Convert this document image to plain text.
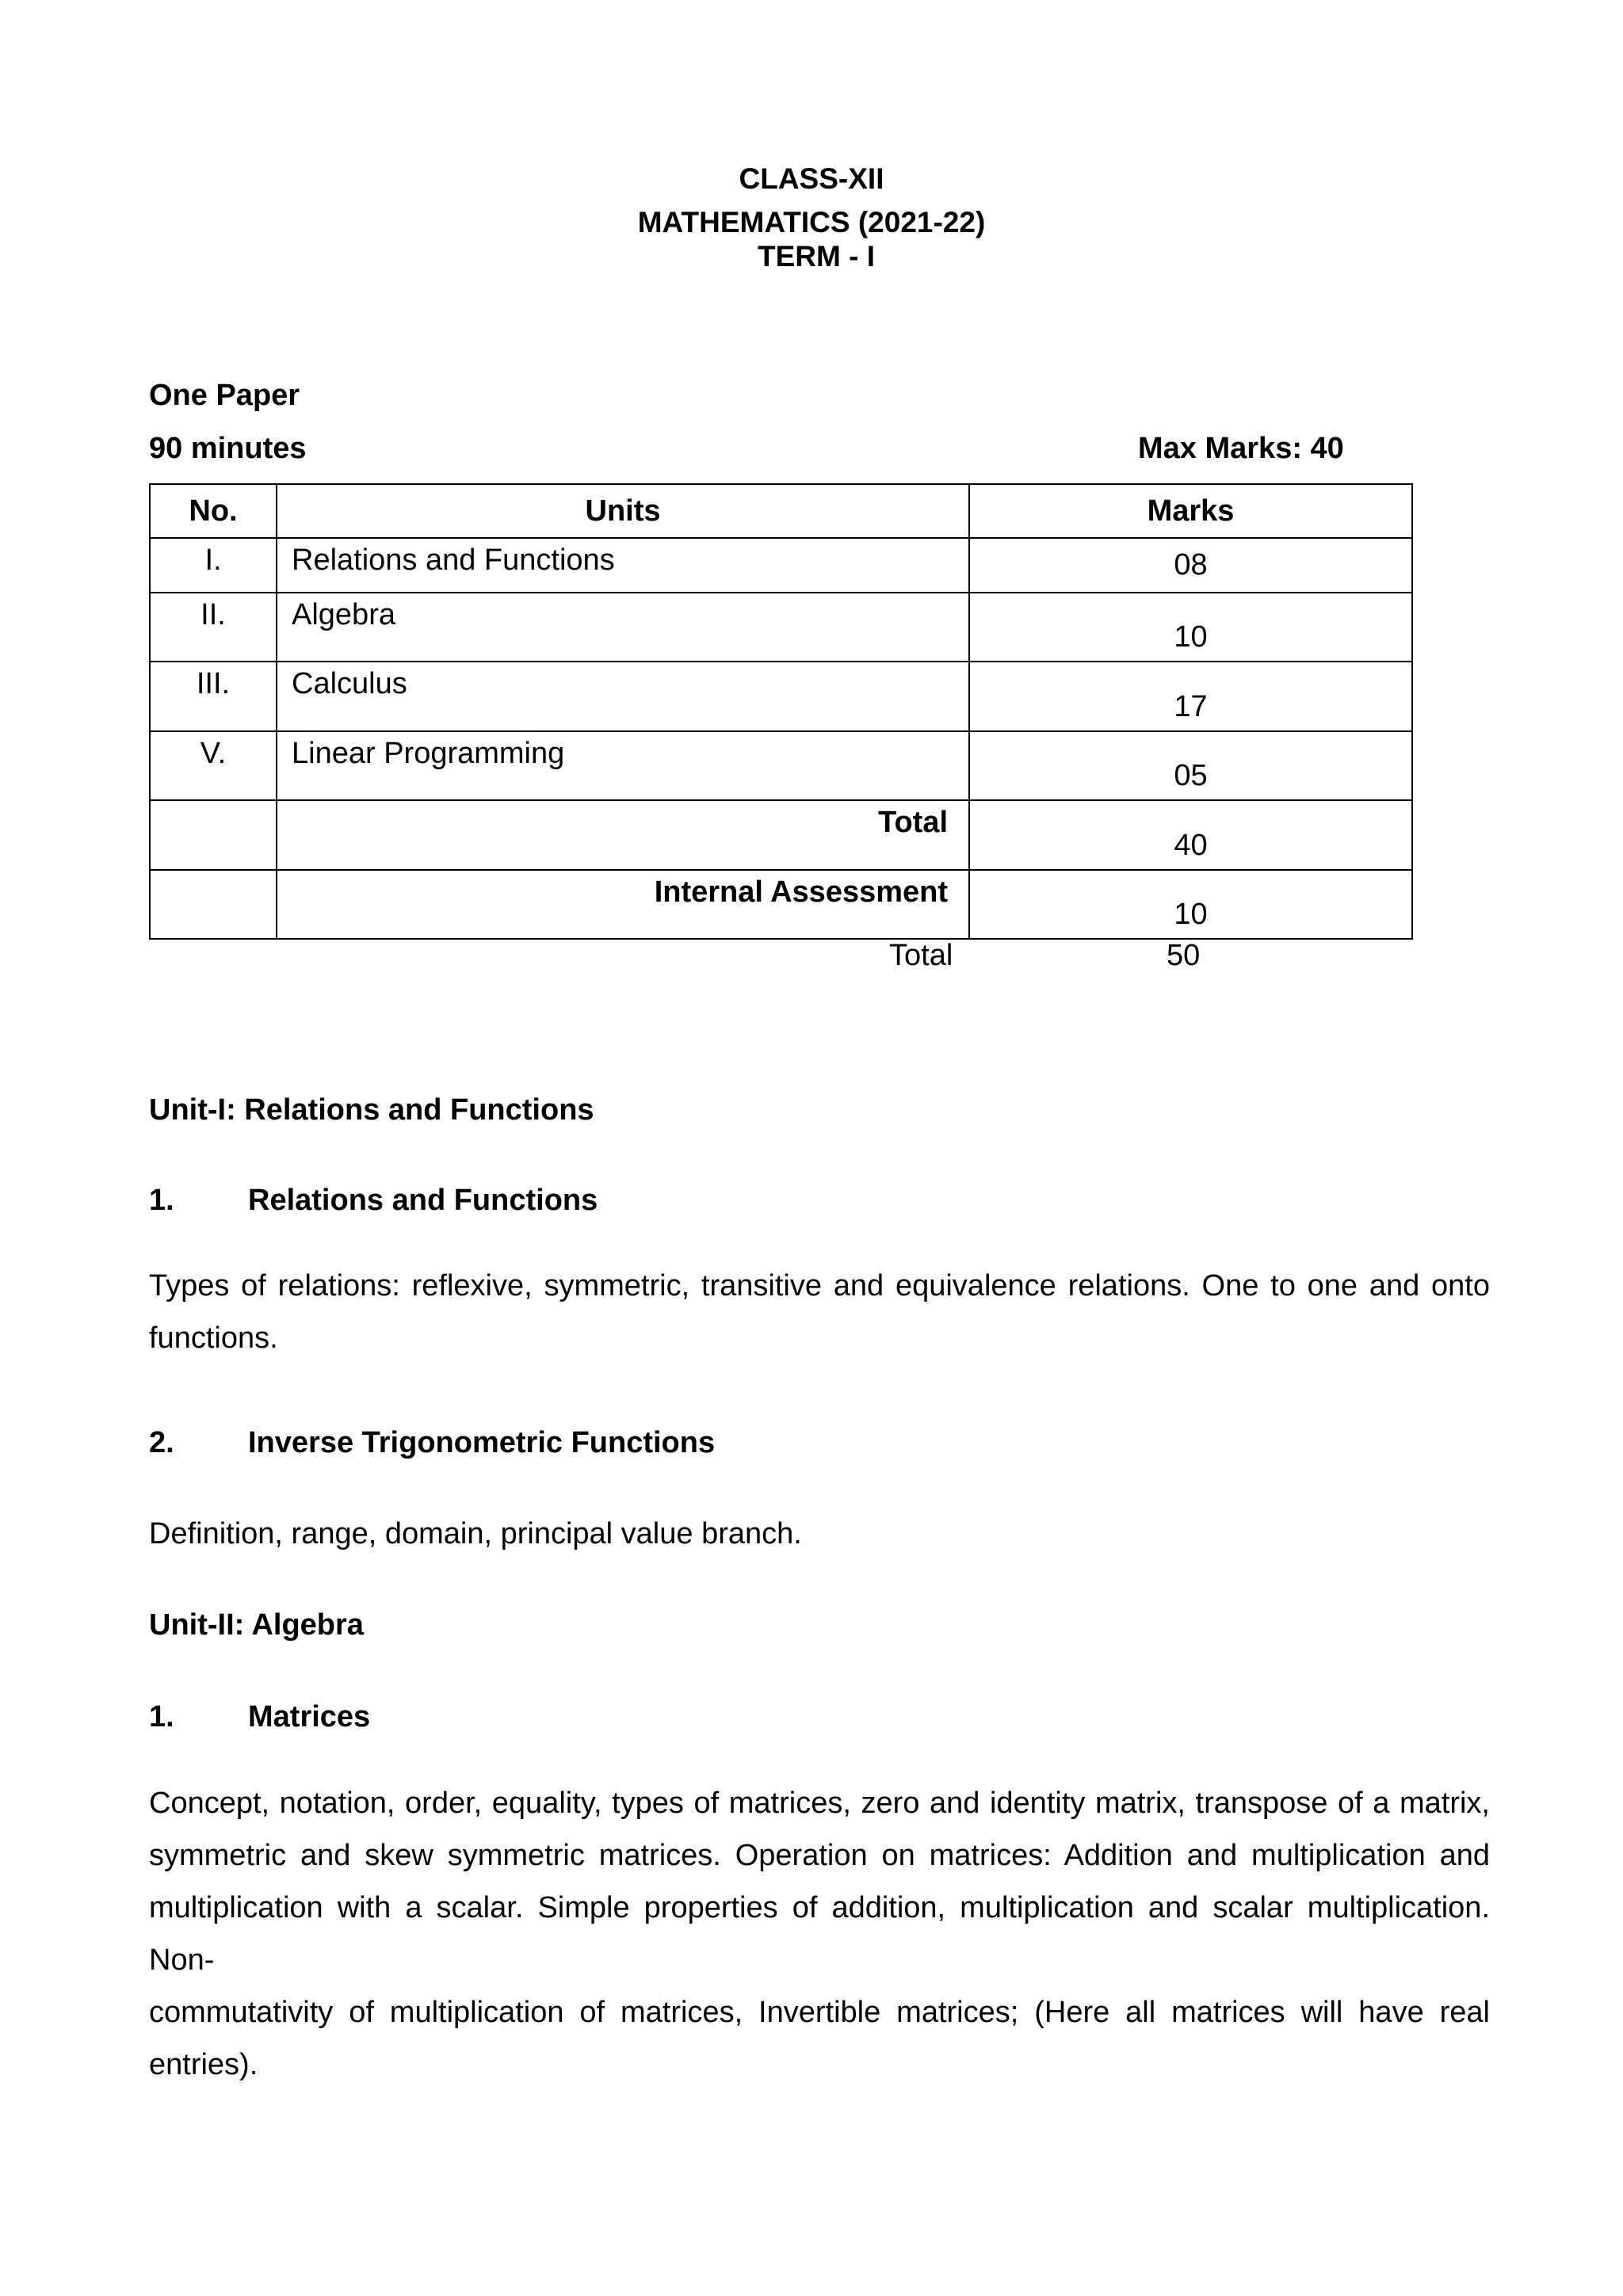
CLASS-XII
MATHEMATICS (2021-22)
TERM - I
One Paper
90 minutes	Max Marks: 40
No.	Units	Marks
I.	Relations and Functions	08
II.	Algebra	10
III.	Calculus	17
V.	Linear Programming	05
	Total	40
	Internal Assessment	10
Total	50
Unit-I: Relations and Functions
1. Relations and Functions
Types of relations: reflexive, symmetric, transitive and equivalence relations. One to one and onto
functions.
2. Inverse Trigonometric Functions
Definition, range, domain, principal value branch.
Unit-II: Algebra
1. Matrices
Concept, notation, order, equality, types of matrices, zero and identity matrix, transpose of a matrix,
symmetric and skew symmetric matrices. Operation on matrices: Addition and multiplication and
multiplication with a scalar. Simple properties of addition, multiplication and scalar multiplication. Non-
commutativity of multiplication of matrices, Invertible matrices; (Here all matrices will have real
entries).
